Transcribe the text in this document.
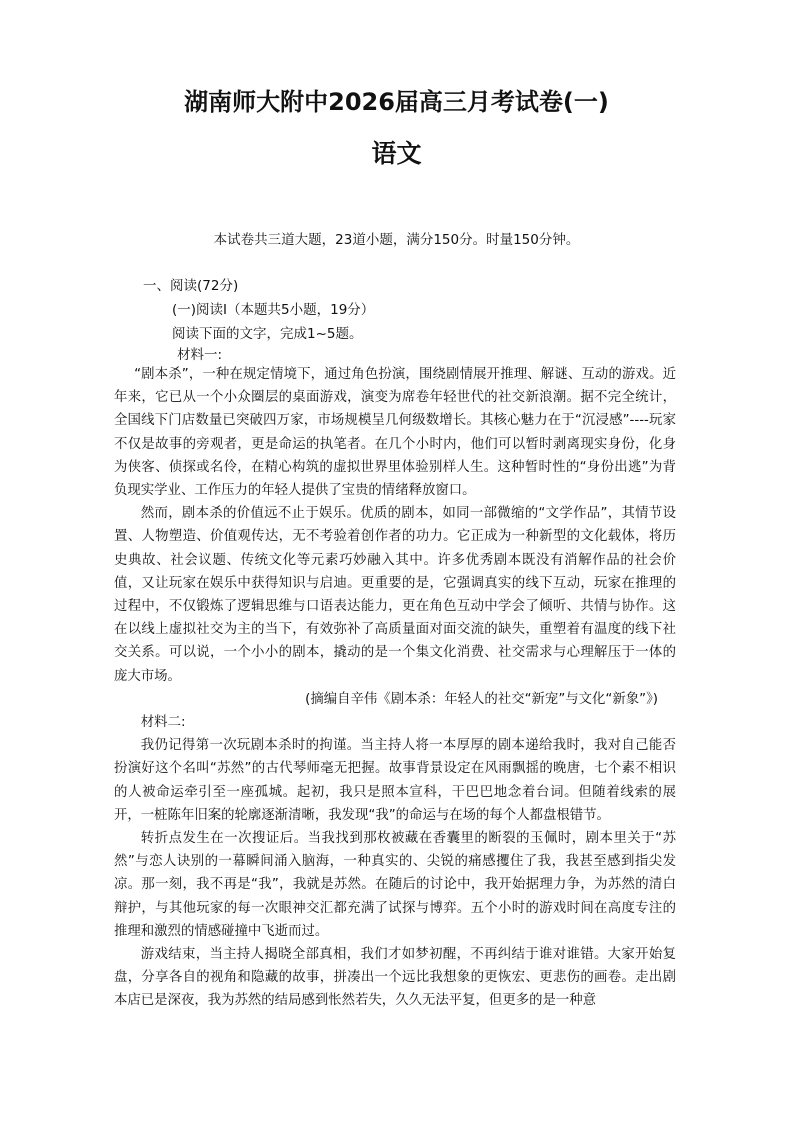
湖南师大附中2026届高三月考试卷(一)
语文
本试卷共三道大题，23道小题，满分150分。时量150分钟。
一、阅读(72分)
(一)阅读Ⅰ（本题共5小题，19分）
阅读下面的文字，完成1~5题。
材料一:

“剧本杀”，一种在规定情境下，通过角色扮演，围绕剧情展开推理、解谜、互动的游戏。近年来，它已从一个小众圈层的桌面游戏，演变为席卷年轻世代的社交新浪潮。据不完全统计，全国线下门店数量已突破四万家，市场规模呈几何级数增长。其核心魅力在于“沉浸感”----玩家不仅是故事的旁观者，更是命运的执笔者。在几个小时内，他们可以暂时剥离现实身份，化身为侠客、侦探或名伶，在精心构筑的虚拟世界里体验别样人生。这种暂时性的“身份出逃”为背负现实学业、工作压力的年轻人提供了宝贵的情绪释放窗口。

然而，剧本杀的价值远不止于娱乐。优质的剧本，如同一部微缩的“文学作品”，其情节设置、人物塑造、价值观传达，无不考验着创作者的功力。它正成为一种新型的文化载体，将历史典故、社会议题、传统文化等元素巧妙融入其中。许多优秀剧本既没有消解作品的社会价值，又让玩家在娱乐中获得知识与启迪。更重要的是，它强调真实的线下互动，玩家在推理的过程中，不仅锻炼了逻辑思维与口语表达能力，更在角色互动中学会了倾听、共情与协作。这在以线上虚拟社交为主的当下，有效弥补了高质量面对面交流的缺失，重塑着有温度的线下社交关系。可以说，一个小小的剧本，撬动的是一个集文化消费、社交需求与心理解压于一体的庞大市场。

(摘编自辛伟《剧本杀：年轻人的社交“新宠”与文化“新象”》)

材料二:

我仍记得第一次玩剧本杀时的拘谨。当主持人将一本厚厚的剧本递给我时，我对自己能否扮演好这个名叫“苏然”的古代琴师毫无把握。故事背景设定在风雨飘摇的晚唐，七个素不相识的人被命运牵引至一座孤城。起初，我只是照本宣科，干巴巴地念着台词。但随着线索的展开，一桩陈年旧案的轮廓逐渐清晰，我发现“我”的命运与在场的每个人都盘根错节。

转折点发生在一次搜证后。当我找到那枚被藏在香囊里的断裂的玉佩时，剧本里关于“苏然”与恋人诀别的一幕瞬间涌入脑海，一种真实的、尖锐的痛感攫住了我，我甚至感到指尖发凉。那一刻，我不再是“我”，我就是苏然。在随后的讨论中，我开始据理力争，为苏然的清白辩护，与其他玩家的每一次眼神交汇都充满了试探与博弈。五个小时的游戏时间在高度专注的推理和激烈的情感碰撞中飞逝而过。

游戏结束，当主持人揭晓全部真相，我们才如梦初醒，不再纠结于谁对谁错。大家开始复盘，分享各自的视角和隐藏的故事，拼凑出一个远比我想象的更恢宏、更悲伤的画卷。走出剧本店已是深夜，我为苏然的结局感到怅然若失，久久无法平复，但更多的是一种意
